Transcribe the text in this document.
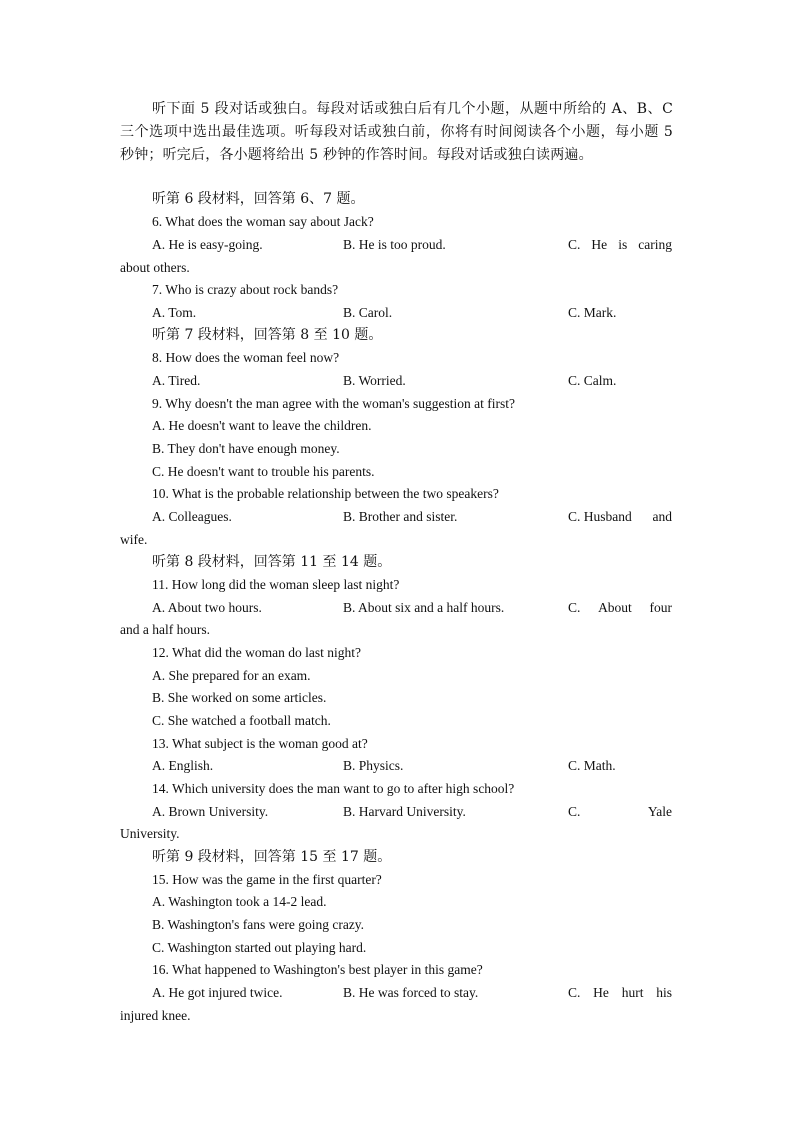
听下面 5 段对话或独白。每段对话或独白后有几个小题，从题中所给的 A、B、C 三个选项中选出最佳选项。听每段对话或独白前，你将有时间阅读各个小题，每小题 5 秒钟；听完后，各小题将给出 5 秒钟的作答时间。每段对话或独白读两遍。

听第 6 段材料，回答第 6、7 题。
6. What does the woman say about Jack?
A. He is easy-going.	B. He is too proud.	C. He is caring
about others.
7. Who is crazy about rock bands?
A. Tom.	B. Carol.	C. Mark.
听第 7 段材料，回答第 8 至 10 题。
8. How does the woman feel now?
A. Tired.	B. Worried.	C. Calm.
9. Why doesn't the man agree with the woman's suggestion at first?
A. He doesn't want to leave the children.
B. They don't have enough money.
C. He doesn't want to trouble his parents.
10. What is the probable relationship between the two speakers?
A. Colleagues.	B. Brother and sister.	C. Husband and
wife.
听第 8 段材料，回答第 11 至 14 题。
11. How long did the woman sleep last night?
A. About two hours.	B. About six and a half hours.	C. About four
and a half hours.
12. What did the woman do last night?
A. She prepared for an exam.
B. She worked on some articles.
C. She watched a football match.
13. What subject is the woman good at?
A. English.	B. Physics.	C. Math.
14. Which university does the man want to go to after high school?
A. Brown University.	B. Harvard University.	C.	Yale
University.
听第 9 段材料，回答第 15 至 17 题。
15. How was the game in the first quarter?
A. Washington took a 14-2 lead.
B. Washington's fans were going crazy.
C. Washington started out playing hard.
16. What happened to Washington's best player in this game?
A. He got injured twice.	B. He was forced to stay.	C. He hurt his
injured knee.
